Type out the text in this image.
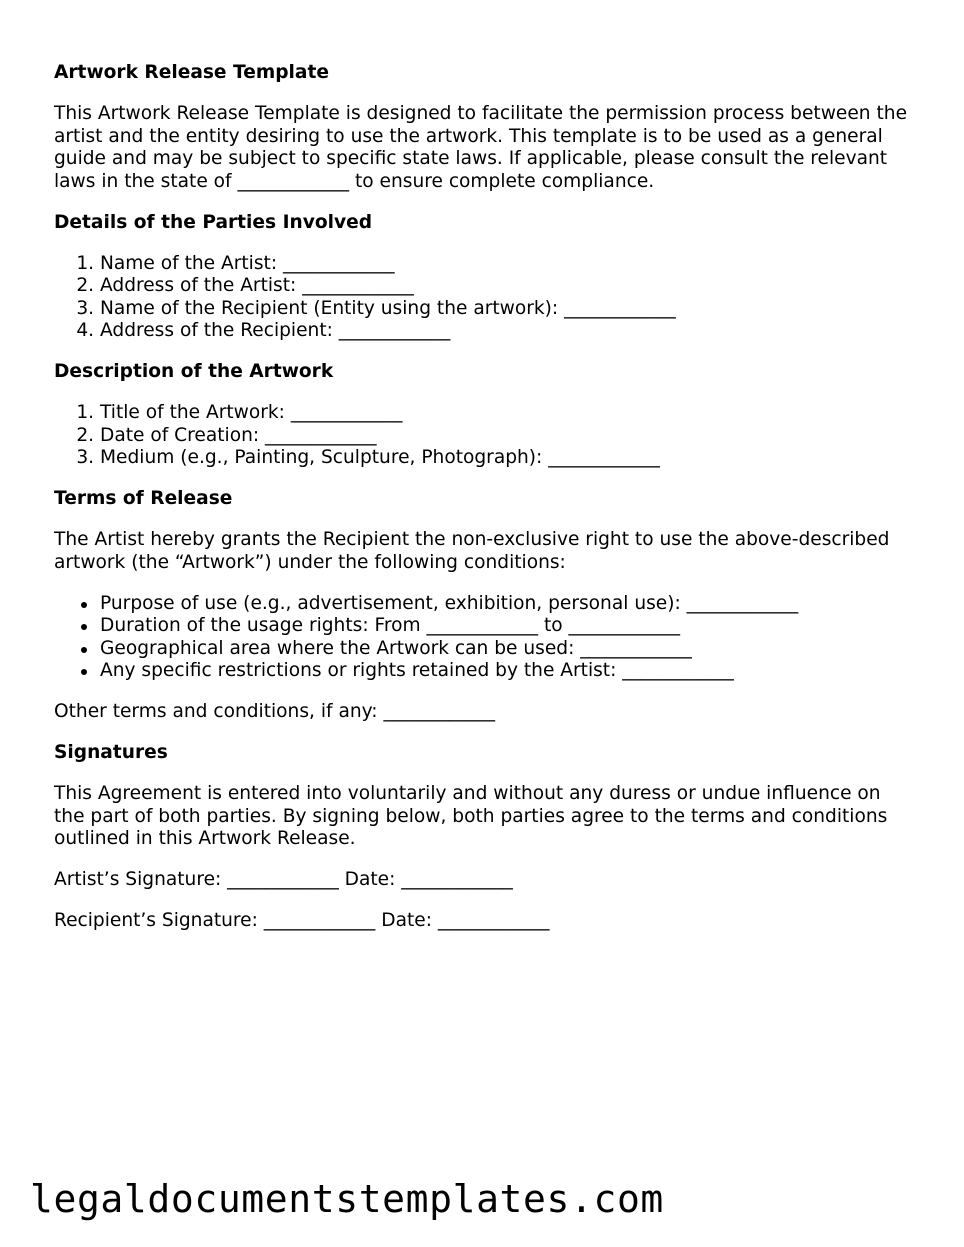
Artwork Release Template

This Artwork Release Template is designed to facilitate the permission process between the artist and the entity desiring to use the artwork. This template is to be used as a general guide and may be subject to specific state laws. If applicable, please consult the relevant laws in the state of ____________ to ensure complete compliance.

Details of the Parties Involved
1. Name of the Artist: ____________
2. Address of the Artist: ____________
3. Name of the Recipient (Entity using the artwork): ____________
4. Address of the Recipient: ____________
Description of the Artwork
1. Title of the Artwork: ____________
2. Date of Creation: ____________
3. Medium (e.g., Painting, Sculpture, Photograph): ____________
Terms of Release

The Artist hereby grants the Recipient the non-exclusive right to use the above-described artwork (the “Artwork”) under the following conditions:

Purpose of use (e.g., advertisement, exhibition, personal use): ____________
Duration of the usage rights: From ____________ to ____________
Geographical area where the Artwork can be used: ____________
Any specific restrictions or rights retained by the Artist: ____________

Other terms and conditions, if any: ____________

Signatures

This Agreement is entered into voluntarily and without any duress or undue influence on the part of both parties. By signing below, both parties agree to the terms and conditions outlined in this Artwork Release.

Artist’s Signature: ____________ Date: ____________

Recipient’s Signature: ____________ Date: ____________

legaldocumentstemplates.com
